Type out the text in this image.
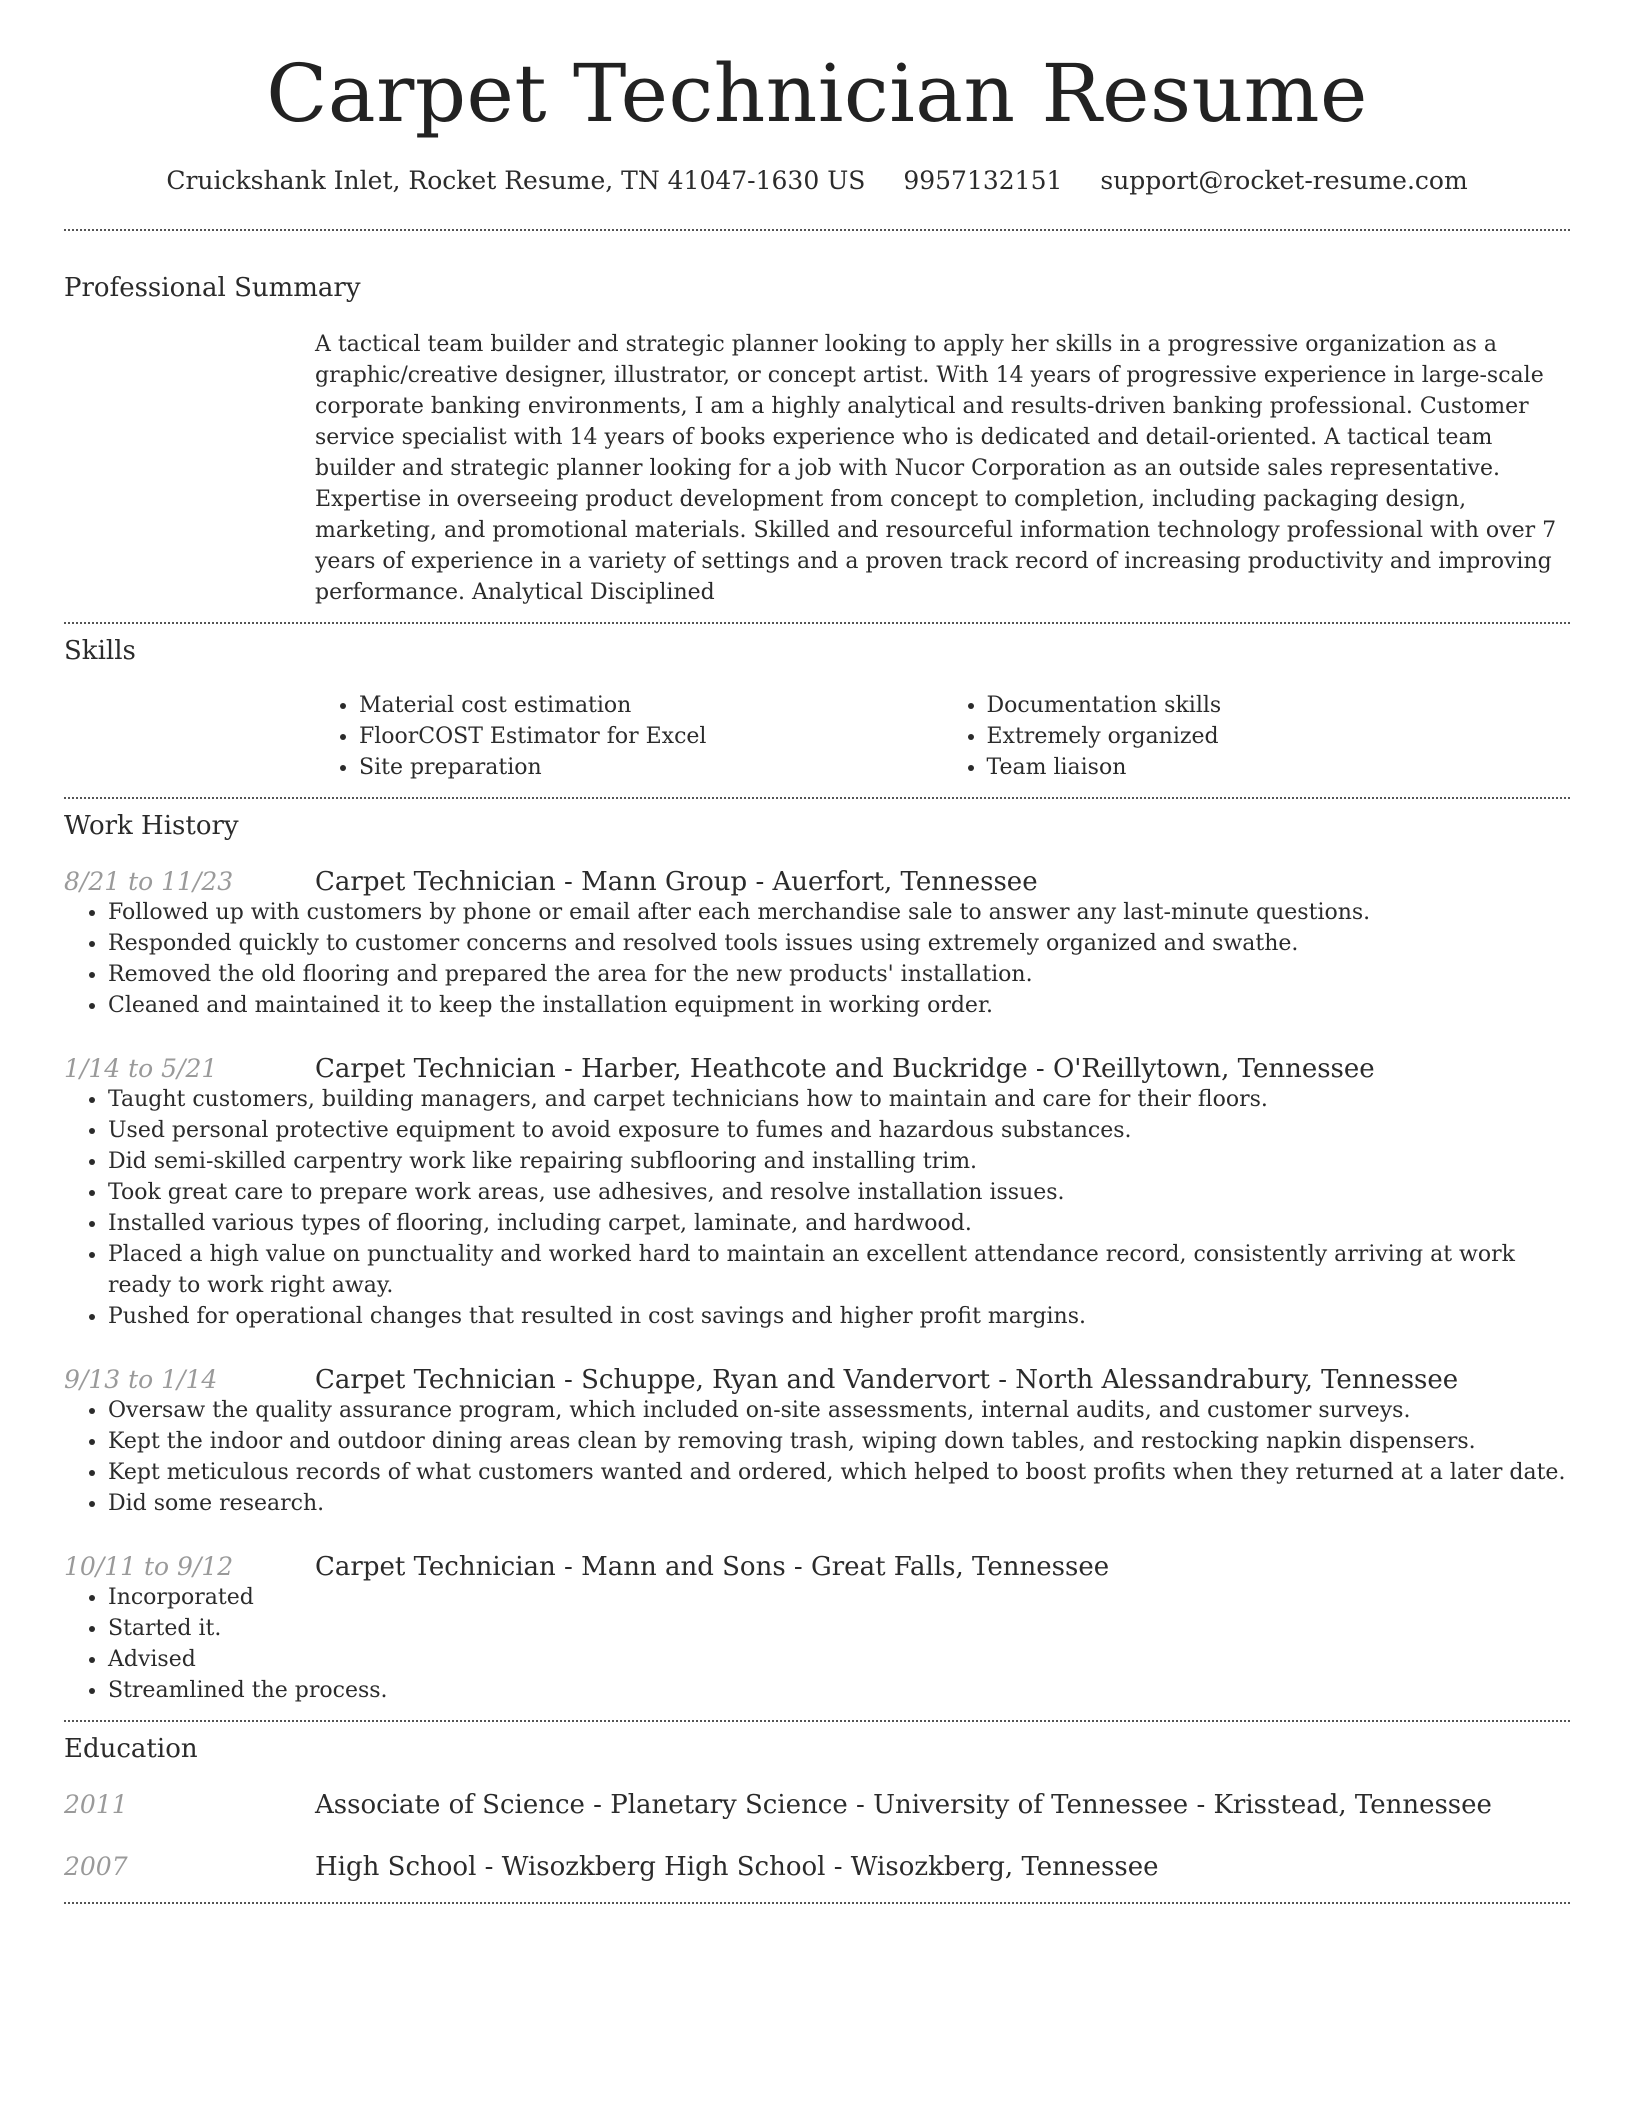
Carpet Technician Resume
Cruickshank Inlet, Rocket Resume, TN 41047-1630 US 9957132151 support@rocket-resume.com
Professional Summary
A tactical team builder and strategic planner looking to apply her skills in a progressive organization as a graphic/creative designer, illustrator, or concept artist. With 14 years of progressive experience in large-scale corporate banking environments, I am a highly analytical and results-driven banking professional. Customer service specialist with 14 years of books experience who is dedicated and detail-oriented. A tactical team builder and strategic planner looking for a job with Nucor Corporation as an outside sales representative. Expertise in overseeing product development from concept to completion, including packaging design, marketing, and promotional materials. Skilled and resourceful information technology professional with over 7 years of experience in a variety of settings and a proven track record of increasing productivity and improving performance. Analytical Disciplined
Skills
• Material cost estimation
• FloorCOST Estimator for Excel
• Site preparation
• Documentation skills
• Extremely organized
• Team liaison
Work History
8/21 to 11/23	Carpet Technician - Mann Group - Auerfort, Tennessee
• Followed up with customers by phone or email after each merchandise sale to answer any last-minute questions.
• Responded quickly to customer concerns and resolved tools issues using extremely organized and swathe.
• Removed the old flooring and prepared the area for the new products' installation.
• Cleaned and maintained it to keep the installation equipment in working order.
1/14 to 5/21	Carpet Technician - Harber, Heathcote and Buckridge - O'Reillytown, Tennessee
• Taught customers, building managers, and carpet technicians how to maintain and care for their floors.
• Used personal protective equipment to avoid exposure to fumes and hazardous substances.
• Did semi-skilled carpentry work like repairing subflooring and installing trim.
• Took great care to prepare work areas, use adhesives, and resolve installation issues.
• Installed various types of flooring, including carpet, laminate, and hardwood.
• Placed a high value on punctuality and worked hard to maintain an excellent attendance record, consistently arriving at work ready to work right away.
• Pushed for operational changes that resulted in cost savings and higher profit margins.
9/13 to 1/14	Carpet Technician - Schuppe, Ryan and Vandervort - North Alessandrabury, Tennessee
• Oversaw the quality assurance program, which included on-site assessments, internal audits, and customer surveys.
• Kept the indoor and outdoor dining areas clean by removing trash, wiping down tables, and restocking napkin dispensers.
• Kept meticulous records of what customers wanted and ordered, which helped to boost profits when they returned at a later date.
• Did some research.
10/11 to 9/12	Carpet Technician - Mann and Sons - Great Falls, Tennessee
• Incorporated
• Started it.
• Advised
• Streamlined the process.
Education
2011	Associate of Science - Planetary Science - University of Tennessee - Krisstead, Tennessee
2007	High School - Wisozkberg High School - Wisozkberg, Tennessee
